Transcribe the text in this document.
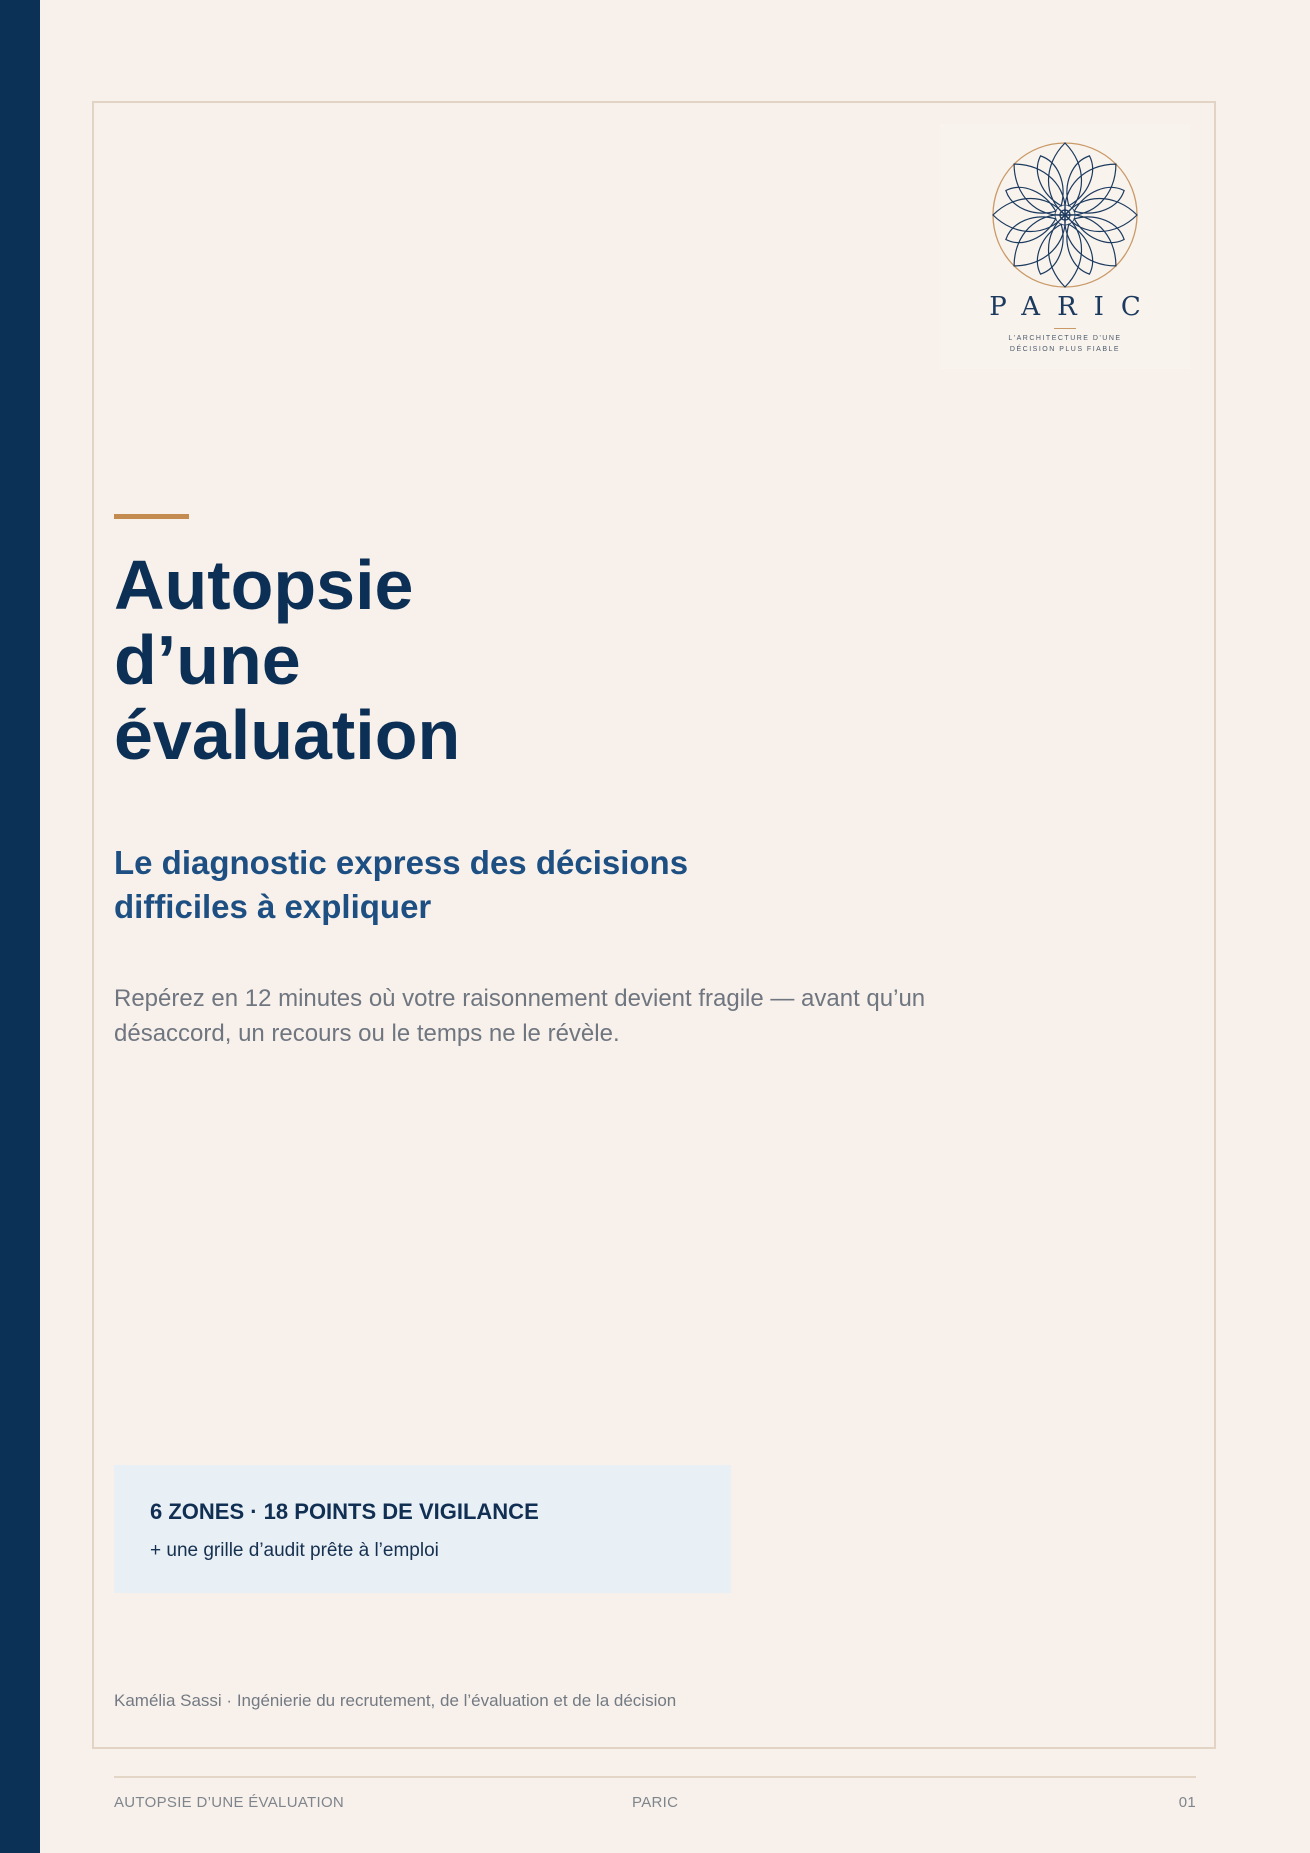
PARIC
L'ARCHITECTURE D'UNE
DÉCISION PLUS FIABLE
Autopsie
d’une
évaluation
Le diagnostic express des décisions
difficiles à expliquer

Repérez en 12 minutes où votre raisonnement devient fragile — avant qu’un
désaccord, un recours ou le temps ne le révèle.

6 ZONES · 18 POINTS DE VIGILANCE
+ une grille d’audit prête à l’emploi
Kamélia Sassi · Ingénierie du recrutement, de l’évaluation et de la décision
AUTOPSIE D’UNE ÉVALUATION	PARIC	01
